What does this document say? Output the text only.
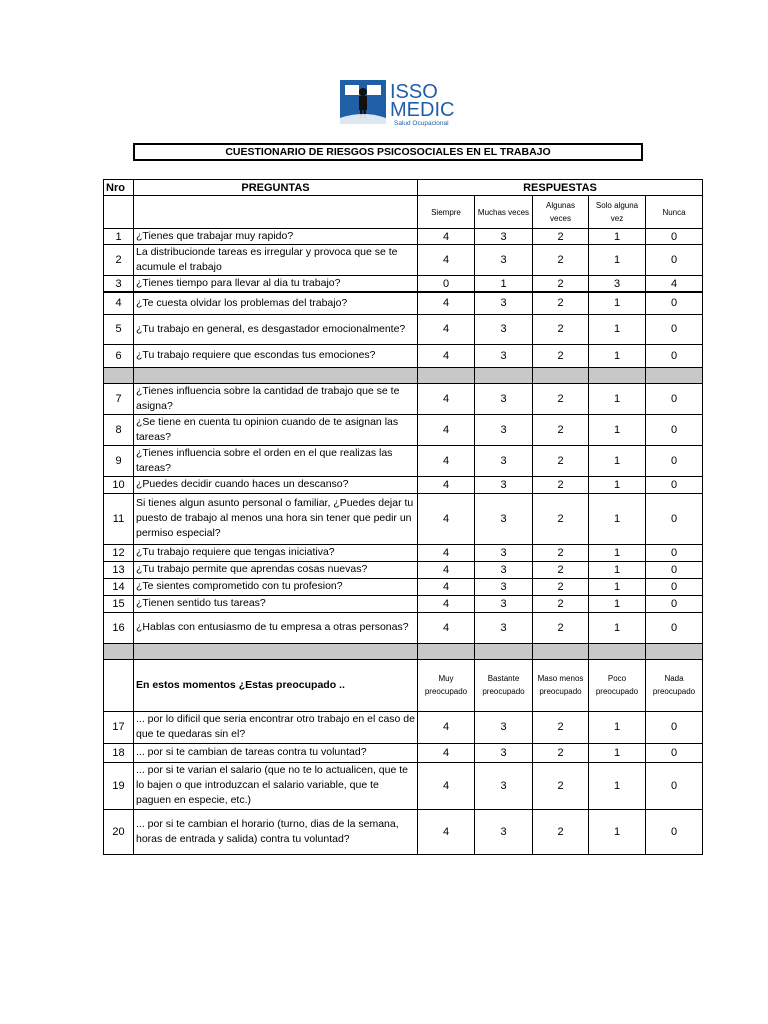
ISSO
MEDIC
Salud Ocupacional
CUESTIONARIO DE RIESGOS PSICOSOCIALES EN EL TRABAJO
Nro	PREGUNTAS	RESPUESTAS				
		Siempre	Muchas veces	Algunas veces	Solo alguna vez	Nunca
1	¿Tienes que trabajar muy rapido?	4	3	2	1	0
2	La distribucionde tareas es irregular y provoca que se te acumule el trabajo	4	3	2	1	0
3	¿Tienes tiempo para llevar al dia tu trabajo?	0	1	2	3	4
4	¿Te cuesta olvidar los problemas del trabajo?	4	3	2	1	0
5	¿Tu trabajo en general, es desgastador emocionalmente?	4	3	2	1	0
6	¿Tu trabajo requiere que escondas tus emociones?	4	3	2	1	0

7	¿Tienes influencia sobre la cantidad de trabajo que se te asigna?	4	3	2	1	0
8	¿Se tiene en cuenta tu opinion cuando de te asignan las tareas?	4	3	2	1	0
9	¿Tienes influencia sobre el orden en el que realizas las tareas?	4	3	2	1	0
10	¿Puedes decidir cuando haces un descanso?	4	3	2	1	0
11	Si tienes algun asunto personal o familiar, ¿Puedes dejar tu puesto de trabajo al menos una hora sin tener que pedir un permiso especial?	4	3	2	1	0
12	¿Tu trabajo requiere que tengas iniciativa?	4	3	2	1	0
13	¿Tu trabajo permite que aprendas cosas nuevas?	4	3	2	1	0
14	¿Te sientes comprometido con tu profesion?	4	3	2	1	0
15	¿Tienen sentido tus tareas?	4	3	2	1	0
16	¿Hablas con entusiasmo de tu empresa a otras personas?	4	3	2	1	0

	En estos momentos ¿Estas preocupado ..	Muy preocupado	Bastante preocupado	Maso menos preocupado	Poco preocupado	Nada preocupado
17	... por lo dificil que seria encontrar otro trabajo en el caso de que te quedaras sin el?	4	3	2	1	0
18	... por si te cambian de tareas contra tu voluntad?	4	3	2	1	0
19	... por si te varian el salario (que no te lo actualicen, que te lo bajen o que introduzcan el salario variable, que te paguen en especie, etc.)	4	3	2	1	0
20	... por si te cambian el horario (turno, dias de la semana, horas de entrada y salida) contra tu voluntad?	4	3	2	1	0
